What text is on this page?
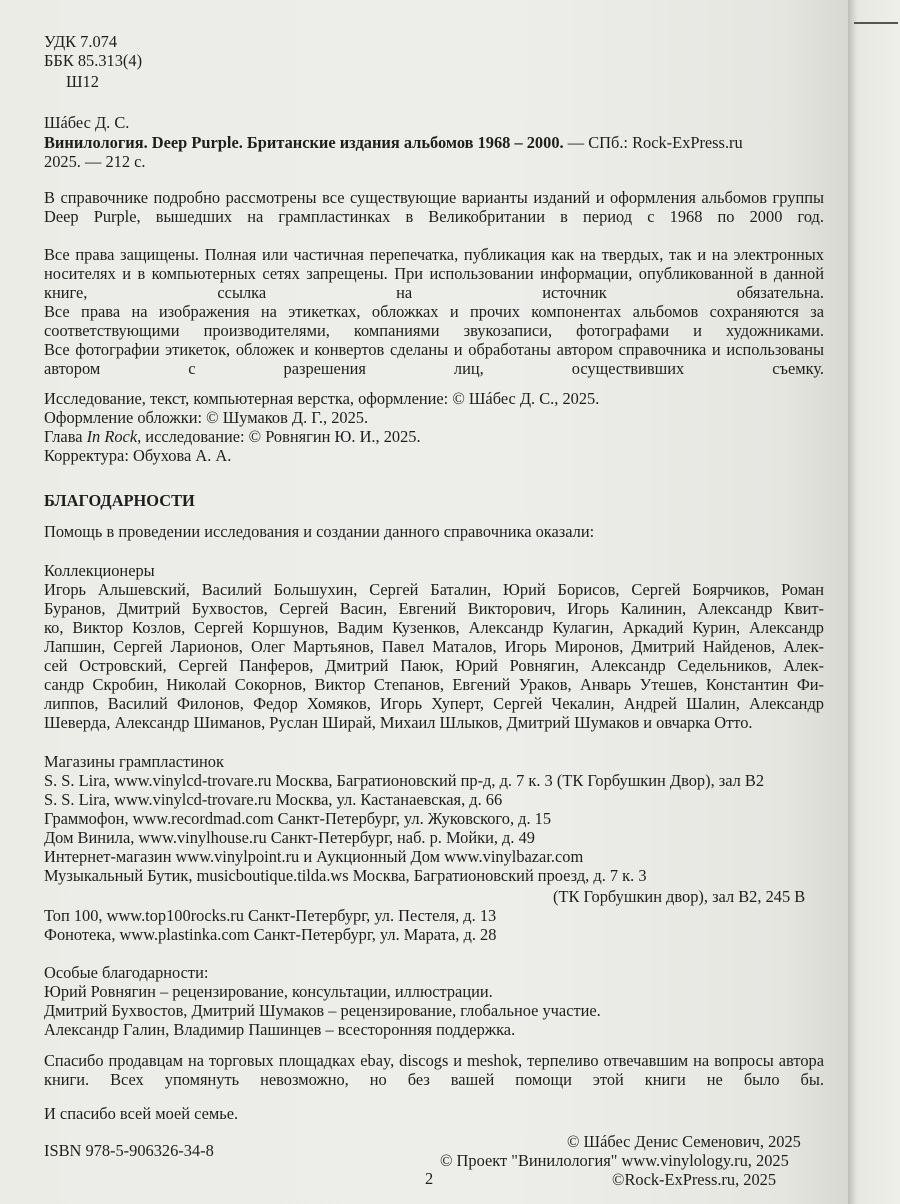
УДК 7.074
ББК 85.313(4)
Ш12
Шáбес Д. С.
Винилология. Deep Purple. Британские издания альбомов 1968 – 2000. — СПб.: Rock-ExPress.ru
2025. — 212 с.
В справочнике подробно рассмотрены все существующие варианты изданий и оформления альбомов группы Deep Purple, вышедших на грампластинках в Великобритании в период с 1968 по 2000 год.
Все права защищены. Полная или частичная перепечатка, публикация как на твердых, так и на электронных носителях и в компьютерных сетях запрещены. При использовании информации, опубликованной в данной книге, ссылка на источник обязательна.
Все права на изображения на этикетках, обложках и прочих компонентах альбомов сохраняются за соответствующими производителями, компаниями звукозаписи, фотографами и художниками.
Все фотографии этикеток, обложек и конвертов сделаны и обработаны автором справочника и использованы автором с разрешения лиц, осуществивших съемку.
Исследование, текст, компьютерная верстка, оформление: © Шáбес Д. С., 2025.
Оформление обложки: © Шумаков Д. Г., 2025.
Глава In Rock, исследование: © Ровнягин Ю. И., 2025.
Корректура: Обухова А. А.
БЛАГОДАРНОСТИ
Помощь в проведении исследования и создании данного справочника оказали:
Коллекционеры
Игорь Альшевский, Василий Большухин, Сергей Баталин, Юрий Борисов, Сергей Боярчиков, Роман
Буранов, Дмитрий Бухвостов, Сергей Васин, Евгений Викторович, Игорь Калинин, Александр Квит-
ко, Виктор Козлов, Сергей Коршунов, Вадим Кузенков, Александр Кулагин, Аркадий Курин, Александр
Лапшин, Сергей Ларионов, Олег Мартьянов, Павел Маталов, Игорь Миронов, Дмитрий Найденов, Алек-
сей Островский, Сергей Панферов, Дмитрий Паюк, Юрий Ровнягин, Александр Седельников, Алек-
сандр Скробин, Николай Сокорнов, Виктор Степанов, Евгений Ураков, Анварь Утешев, Константин Фи-
липпов, Василий Филонов, Федор Хомяков, Игорь Хуперт, Сергей Чекалин, Андрей Шалин, Александр
Шеверда, Александр Шиманов, Руслан Ширай, Михаил Шлыков, Дмитрий Шумаков и овчарка Отто.
Магазины грампластинок
S. S. Lira, www.vinylcd-trovare.ru Москва, Багратионовский пр-д, д. 7 к. 3 (ТК Горбушкин Двор), зал В2
S. S. Lira, www.vinylcd-trovare.ru Москва, ул. Кастанаевская, д. 66
Граммофон, www.recordmad.com Санкт-Петербург, ул. Жуковского, д. 15
Дом Винила, www.vinylhouse.ru Санкт-Петербург, наб. р. Мойки, д. 49
Интернет-магазин www.vinylpoint.ru и Аукционный Дом www.vinylbazar.com
Музыкальный Бутик, musicboutique.tilda.ws Москва, Багратионовский проезд, д. 7 к. 3
(ТК Горбушкин двор), зал В2, 245 В
Топ 100, www.top100rocks.ru Санкт-Петербург, ул. Пестеля, д. 13
Фонотека, www.plastinka.com Санкт-Петербург, ул. Марата, д. 28
Особые благодарности:
Юрий Ровнягин – рецензирование, консультации, иллюстрации.
Дмитрий Бухвостов, Дмитрий Шумаков – рецензирование, глобальное участие.
Александр Галин, Владимир Пашинцев – всесторонняя поддержка.
Спасибо продавцам на торговых площадках ebay, discogs и meshok, терпеливо отвечавшим на вопросы автора книги. Всех упомянуть невозможно, но без вашей помощи этой книги не было бы.
И спасибо всей моей семье.
© Шáбес Денис Семенович, 2025
© Проект "Винилология" www.vinylology.ru, 2025
©Rock-ExPress.ru, 2025
ISBN 978-5-906326-34-8
2
